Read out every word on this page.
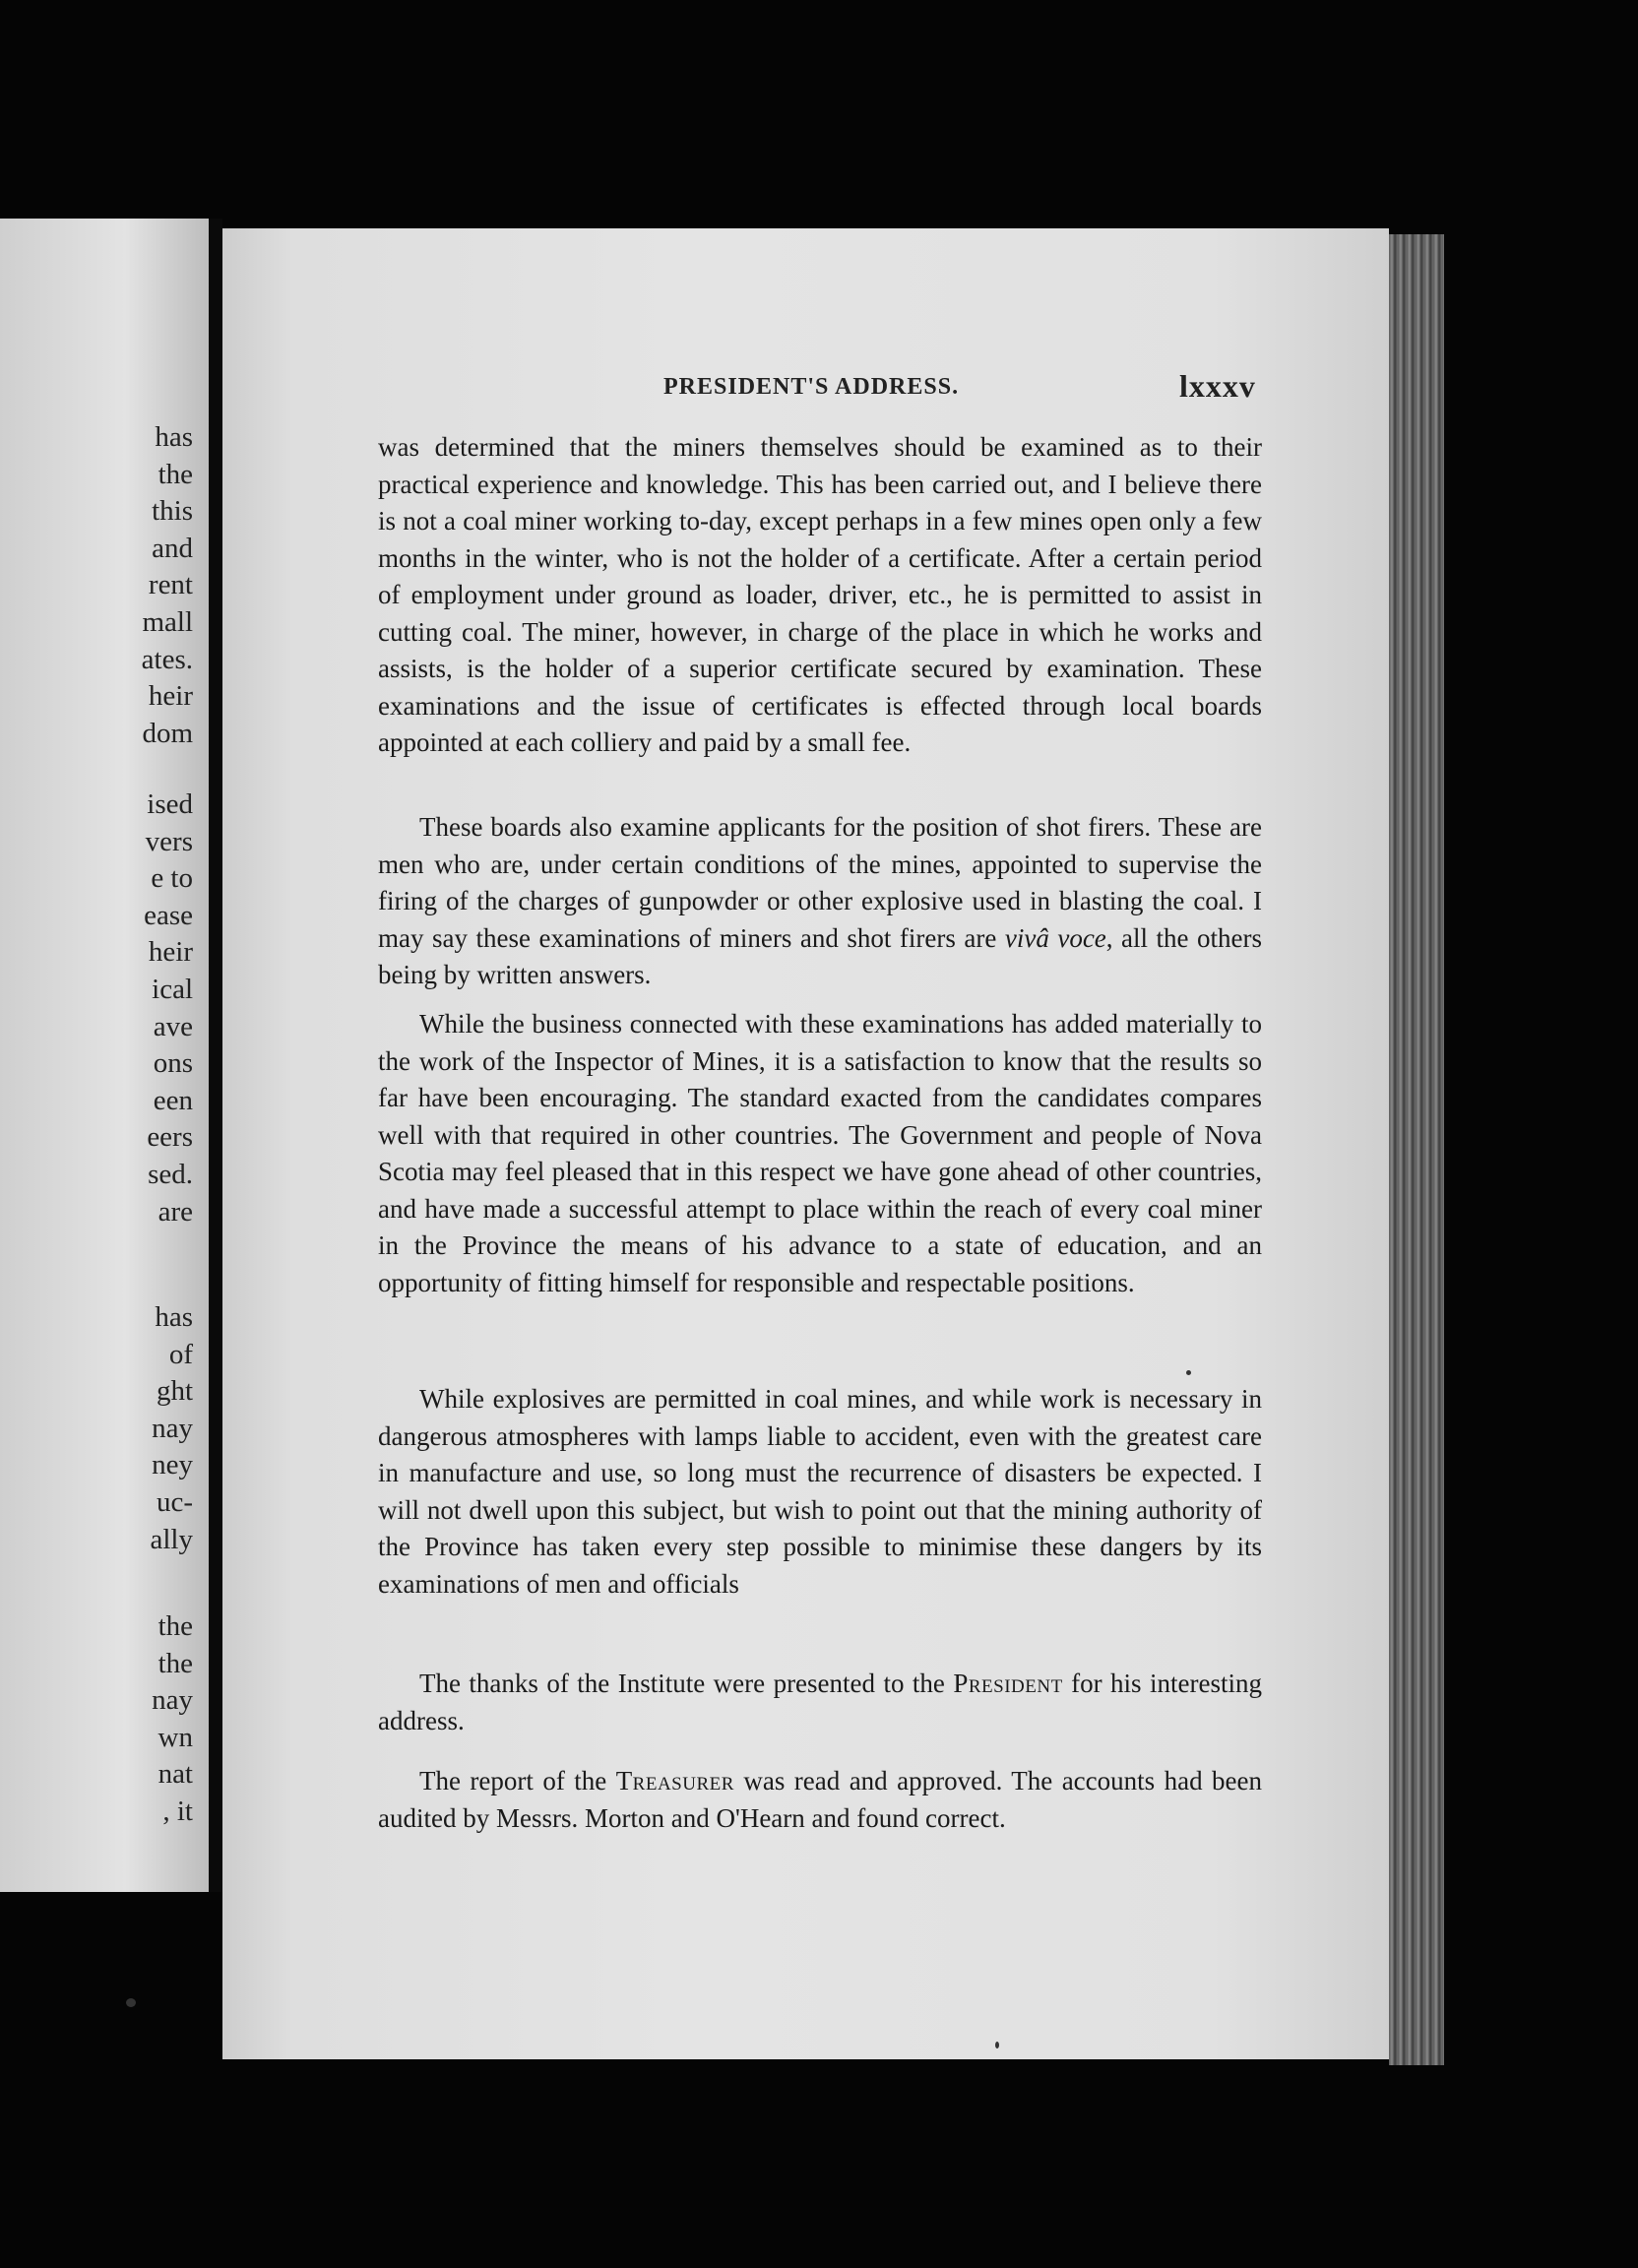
has
the
this
and
rent
mall
ates.
heir
dom
ised
vers
e to
ease
heir
ical
ave
ons
een
eers
sed.
are
has
of
ght
nay
ney
uc-
ally
the
the
nay
wn
nat
, it
PRESIDENT'S ADDRESS.	lxxxv

was determined that the miners themselves should be examined as to their practical experience and knowledge. This has been carried out, and I believe there is not a coal miner working to-day, except perhaps in a few mines open only a few months in the winter, who is not the holder of a certificate. After a certain period of employment under ground as loader, driver, etc., he is permitted to assist in cutting coal. The miner, however, in charge of the place in which he works and assists, is the holder of a superior certificate secured by examination. These examinations and the issue of certificates is effected through local boards appointed at each colliery and paid by a small fee.

These boards also examine applicants for the position of shot firers. These are men who are, under certain conditions of the mines, appointed to supervise the firing of the charges of gunpowder or other explosive used in blasting the coal. I may say these examinations of miners and shot firers are vivâ voce, all the others being by written answers.

While the business connected with these examinations has added materially to the work of the Inspector of Mines, it is a satisfaction to know that the results so far have been encouraging. The standard exacted from the candidates compares well with that required in other countries. The Government and people of Nova Scotia may feel pleased that in this respect we have gone ahead of other countries, and have made a successful attempt to place within the reach of every coal miner in the Province the means of his advance to a state of education, and an opportunity of fitting himself for responsible and respectable positions.

While explosives are permitted in coal mines, and while work is necessary in dangerous atmospheres with lamps liable to accident, even with the greatest care in manufacture and use, so long must the recurrence of disasters be expected. I will not dwell upon this subject, but wish to point out that the mining authority of the Province has taken every step possible to minimise these dangers by its examinations of men and officials

The thanks of the Institute were presented to the President for his interesting address.

The report of the Treasurer was read and approved. The accounts had been audited by Messrs. Morton and O'Hearn and found correct.
